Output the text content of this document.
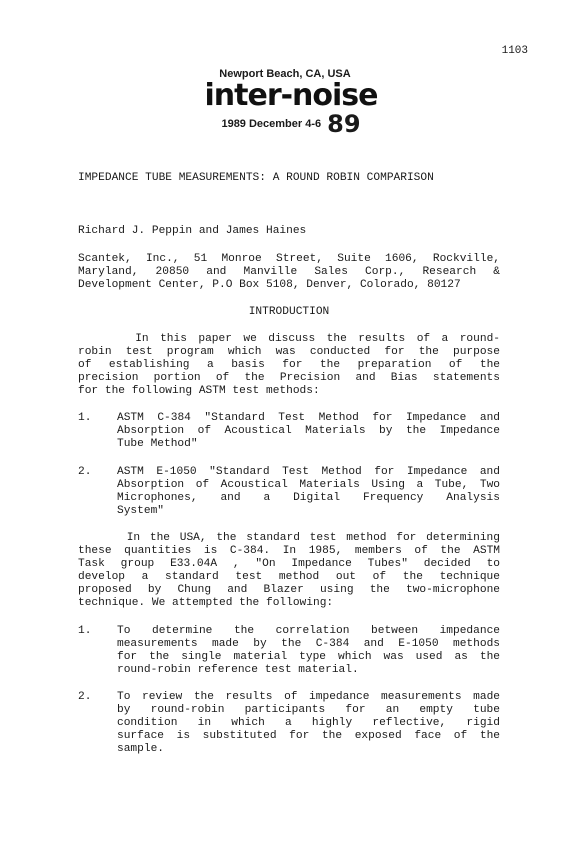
1103
Newport Beach, CA, USA
inter-noise
1989 December 4-6 89
IMPEDANCE TUBE MEASUREMENTS: A ROUND ROBIN COMPARISON
Richard J. Peppin and James Haines
Scantek, Inc., 51 Monroe Street, Suite 1606, Rockville,
Maryland, 20850 and Manville Sales Corp., Research &
Development Center, P.O Box 5108, Denver, Colorado, 80127
INTRODUCTION
In this paper we discuss the results of a round-
robin test program which was conducted for the purpose
of establishing a basis for the preparation of the
precision portion of the Precision and Bias statements
for the following ASTM test methods:
1. ASTM C-384 "Standard Test Method for Impedance and
Absorption of Acoustical Materials by the Impedance
Tube Method"
2. ASTM E-1050 "Standard Test Method for Impedance and
Absorption of Acoustical Materials Using a Tube, Two
Microphones, and a Digital Frequency Analysis
System"
In the USA, the standard test method for determining
these quantities is C-384. In 1985, members of the ASTM
Task group E33.04A , "On Impedance Tubes" decided to
develop a standard test method out of the technique
proposed by Chung and Blazer using the two-microphone
technique. We attempted the following:
1. To determine the correlation between impedance
measurements made by the C-384 and E-1050 methods
for the single material type which was used as the
round-robin reference test material.
2. To review the results of impedance measurements made
by round-robin participants for an empty tube
condition in which a highly reflective, rigid
surface is substituted for the exposed face of the
sample.
